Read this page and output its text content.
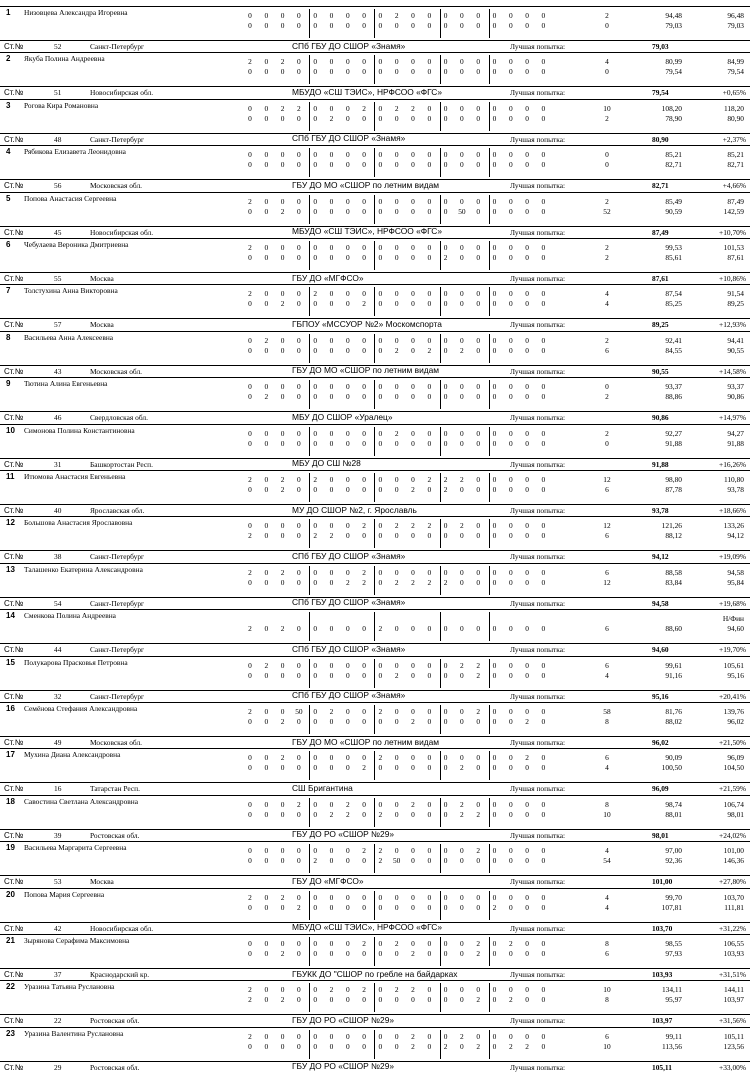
1 Низовцева Александра Игоревна
Ст.№	52	Санкт-Петербург	СПб ГБУ ДО СШОР «Знамя»	Лучшая попытка:	79,03
0	0	0	0	0	0	0	0	0	2	0	0	0	0	0	0	0	0	0	2	94,48	96,48
0	0	0	0	0	0	0	0	0	0	0	0	0	0	0	0	0	0	0	0	79,03	79,03
2 Якуба Полина Андреевна
Ст.№	51	Новосибирская обл.	МБУДО «СШ ТЭИС», НРФСОО «ФГС»	Лучшая попытка:	79,54	+0,65%
2	0	2	0	0	0	0	0	0	0	0	0	0	0	0	0	0	0	0	4	80,99	84,99
0	0	0	0	0	0	0	0	0	0	0	0	0	0	0	0	0	0	0	0	79,54	79,54
3 Рогова Кира Романовна
Ст.№	48	Санкт-Петербург	СПб ГБУ ДО СШОР «Знамя»	Лучшая попытка:	80,90	+2,37%
0	0	2	2	0	0	0	2	0	2	2	0	0	0	0	0	0	0	0	10	108,20	118,20
0	0	0	0	0	2	0	0	0	0	0	0	0	0	0	0	0	0	0	2	78,90	80,90
4 Рябикова Елизавета Леонидовна
Ст.№	56	Московская обл.	ГБУ ДО МО «СШОР по летним видам	Лучшая попытка:	82,71	+4,66%
0	0	0	0	0	0	0	0	0	0	0	0	0	0	0	0	0	0	0	0	85,21	85,21
0	0	0	0	0	0	0	0	0	0	0	0	0	0	0	0	0	0	0	0	82,71	82,71
5 Попова Анастасия Сергеевна
Ст.№	45	Новосибирская обл.	МБУДО «СШ ТЭИС», НРФСОО «ФГС»	Лучшая попытка:	87,49	+10,70%
2	0	0	0	0	0	0	0	0	0	0	0	0	0	0	0	0	0	0	2	85,49	87,49
0	0	2	0	0	0	0	0	0	0	0	0	0	50	0	0	0	0	0	52	90,59	142,59
6 Чебулаева Вероника Дмитриевна
Ст.№	55	Москва	ГБУ ДО «МГФСО»	Лучшая попытка:	87,61	+10,86%
2	0	0	0	0	0	0	0	0	0	0	0	0	0	0	0	0	0	0	2	99,53	101,53
0	0	0	0	0	0	0	0	0	0	0	0	2	0	0	0	0	0	0	2	85,61	87,61
7 Толстухина Анна Викторовна
Ст.№	57	Москва	ГБПОУ «МССУОР №2» Москомспорта	Лучшая попытка:	89,25	+12,93%
2	0	0	0	2	0	0	0	0	0	0	0	0	0	0	0	0	0	0	4	87,54	91,54
0	0	2	0	0	0	0	2	0	0	0	0	0	0	0	0	0	0	0	4	85,25	89,25
8 Васильева Анна Алексеевна
Ст.№	43	Московская обл.	ГБУ ДО МО «СШОР по летним видам	Лучшая попытка:	90,55	+14,58%
0	2	0	0	0	0	0	0	0	0	0	0	0	0	0	0	0	0	0	2	92,41	94,41
0	0	0	0	0	0	0	0	0	2	0	2	0	2	0	0	0	0	0	6	84,55	90,55
9 Тютина Алина Евгеньевна
Ст.№	46	Свердловская обл.	МБУ ДО СШОР «Уралец»	Лучшая попытка:	90,86	+14,97%
0	0	0	0	0	0	0	0	0	0	0	0	0	0	0	0	0	0	0	0	93,37	93,37
0	2	0	0	0	0	0	0	0	0	0	0	0	0	0	0	0	0	0	2	88,86	90,86
10 Симонова Полина Константиновна
Ст.№	31	Башкортостан Респ.	МБУ ДО СШ №28	Лучшая попытка:	91,88	+16,26%
0	0	0	0	0	0	0	0	0	2	0	0	0	0	0	0	0	0	0	2	92,27	94,27
0	0	0	0	0	0	0	0	0	0	0	0	0	0	0	0	0	0	0	0	91,88	91,88
11 Итюмова Анастасия Евгеньевна
Ст.№	40	Ярославская обл.	МУ ДО СШОР №2, г. Ярославль	Лучшая попытка:	93,78	+18,66%
2	0	2	0	2	0	0	0	0	0	0	2	2	2	0	0	0	0	0	12	98,80	110,80
0	0	2	0	0	0	0	0	0	0	2	0	2	0	0	0	0	0	0	6	87,78	93,78
12 Большова Анастасия Ярославовна
Ст.№	38	Санкт-Петербург	СПб ГБУ ДО СШОР «Знамя»	Лучшая попытка:	94,12	+19,09%
0	0	0	0	0	0	0	2	0	2	2	2	0	2	0	0	0	0	0	12	121,26	133,26
2	0	0	0	2	2	0	0	0	0	0	0	0	0	0	0	0	0	0	6	88,12	94,12
13 Талашенко Екатерина Александровна
Ст.№	54	Санкт-Петербург	СПб ГБУ ДО СШОР «Знамя»	Лучшая попытка:	94,58	+19,68%
2	0	2	0	0	0	0	2	0	0	0	0	0	0	0	0	0	0	0	6	88,58	94,58
0	0	0	0	0	0	2	2	0	2	2	2	2	0	0	0	0	0	0	12	83,84	95,84
14 Сменкова Полина Андреевна
Ст.№	44	Санкт-Петербург	СПб ГБУ ДО СШОР «Знамя»	Лучшая попытка:	94,60	+19,70%
2	0	2	0	0	0	0	0	2	0	0	0	0	0	0	0	0	0	0	6	88,60	94,60
Н/Фин
15 Полукарова Прасковья Петровна
Ст.№	32	Санкт-Петербург	СПб ГБУ ДО СШОР «Знамя»	Лучшая попытка:	95,16	+20,41%
0	2	0	0	0	0	0	0	0	0	0	0	0	2	2	0	0	0	0	6	99,61	105,61
0	0	0	0	0	0	0	0	0	2	0	0	0	0	2	0	0	0	0	4	91,16	95,16
16 Семёнова Стефания Александровна
Ст.№	49	Московская обл.	ГБУ ДО МО «СШОР по летним видам	Лучшая попытка:	96,02	+21,50%
2	0	0	50	0	2	0	0	2	0	0	0	0	0	2	0	0	0	0	58	81,76	139,76
0	0	2	0	0	0	0	0	0	0	2	0	0	0	0	0	0	2	0	8	88,02	96,02
17 Мухина Диана Александровна
Ст.№	16	Татарстан Респ.	СШ Бригантина	Лучшая попытка:	96,09	+21,59%
0	0	2	0	0	0	0	0	2	0	0	0	0	0	0	0	0	2	0	6	90,09	96,09
0	0	0	0	0	0	0	2	0	0	0	0	0	2	0	0	0	0	0	4	100,50	104,50
18 Савостина Светлана Александровна
Ст.№	39	Ростовская обл.	ГБУ ДО РО «СШОР №29»	Лучшая попытка:	98,01	+24,02%
0	0	0	2	0	0	2	0	0	0	2	0	0	2	0	0	0	0	0	8	98,74	106,74
0	0	0	0	0	2	2	0	2	0	0	0	0	2	2	0	0	0	0	10	88,01	98,01
19 Васильева Маргарита Сергеевна
Ст.№	53	Москва	ГБУ ДО «МГФСО»	Лучшая попытка:	101,00	+27,80%
0	0	0	0	0	0	0	2	2	0	0	0	0	0	2	0	0	0	0	4	97,00	101,00
0	0	0	0	2	0	0	0	2	50	0	0	0	0	0	0	0	0	0	54	92,36	146,36
20 Попова Мария Сергеевна
Ст.№	42	Новосибирская обл.	МБУДО «СШ ТЭИС», НРФСОО «ФГС»	Лучшая попытка:	103,70	+31,22%
2	0	2	0	0	0	0	0	0	0	0	0	0	0	0	0	0	0	0	4	99,70	103,70
0	0	0	2	0	0	0	0	0	0	0	0	0	0	0	2	0	0	0	4	107,81	111,81
21 Зырянова Серафима Максимовна
Ст.№	37	Краснодарский кр.	ГБУКК ДО "СШОР по гребле на байдарках	Лучшая попытка:	103,93	+31,51%
0	0	0	0	0	0	0	2	0	2	0	0	0	0	2	0	2	0	0	8	98,55	106,55
0	0	2	0	0	0	0	0	0	0	2	0	0	0	2	0	0	0	0	6	97,93	103,93
22 Уразина Татьяна Руслановна
Ст.№	22	Ростовская обл.	ГБУ ДО РО «СШОР №29»	Лучшая попытка:	103,97	+31,56%
2	0	0	0	0	2	0	2	0	2	2	0	0	0	0	0	0	0	0	10	134,11	144,11
2	0	2	0	0	0	0	0	0	0	0	0	0	0	2	0	2	0	0	8	95,97	103,97
23 Уразина Валентина Руслановна
Ст.№	29	Ростовская обл.	ГБУ ДО РО «СШОР №29»	Лучшая попытка:	105,11	+33,00%
2	0	0	0	0	0	0	0	0	0	2	0	0	2	0	0	0	0	0	6	99,11	105,11
0	0	0	0	0	0	0	0	0	0	2	0	2	0	2	0	2	2	0	10	113,56	123,56
